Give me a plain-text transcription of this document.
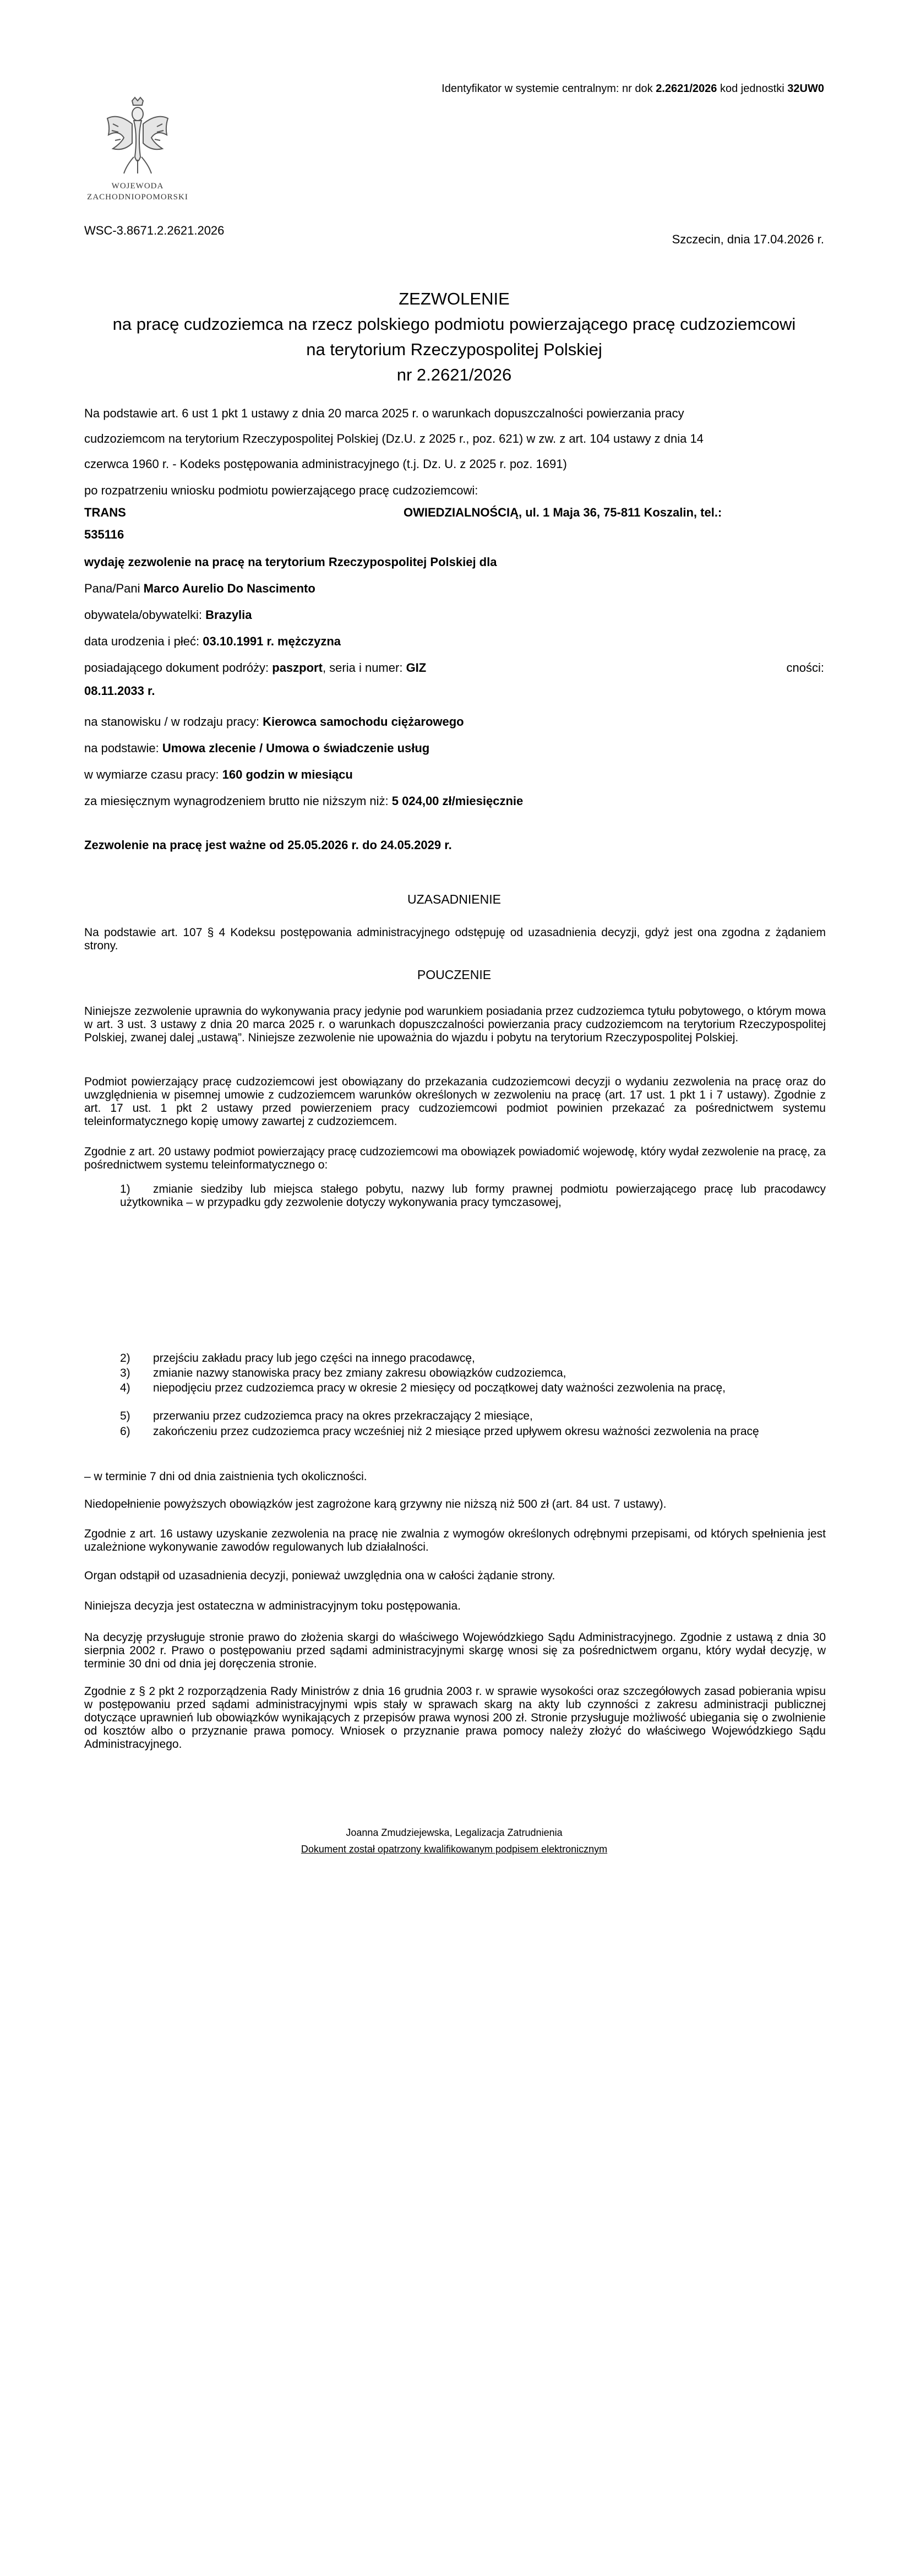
Identyfikator w systemie centralnym: nr dok 2.2621/2026 kod jednostki 32UW0
WOJEWODA
ZACHODNIOPOMORSKI
WSC-3.8671.2.2621.2026
Szczecin, dnia 17.04.2026 r.
ZEZWOLENIE
na pracę cudzoziemca na rzecz polskiego podmiotu powierzającego pracę cudzoziemcowi
na terytorium Rzeczypospolitej Polskiej
nr 2.2621/2026
Na podstawie art. 6 ust 1 pkt 1 ustawy z dnia 20 marca 2025 r. o warunkach dopuszczalności powierzania pracy
cudzoziemcom na terytorium Rzeczypospolitej Polskiej (Dz.U. z 2025 r., poz. 621) w zw. z art. 104 ustawy z dnia 14
czerwca 1960 r. - Kodeks postępowania administracyjnego (t.j. Dz. U. z 2025 r. poz. 1691)
po rozpatrzeniu wniosku podmiotu powierzającego pracę cudzoziemcowi:
TRANS	OWIEDZIALNOŚCIĄ, ul. 1 Maja 36, 75-811 Koszalin, tel.:
535116
wydaję zezwolenie na pracę na terytorium Rzeczypospolitej Polskiej dla
Pana/Pani Marco Aurelio Do Nascimento
obywatela/obywatelki: Brazylia
data urodzenia i płeć: 03.10.1991 r. mężczyzna
posiadającego dokument podróży: paszport, seria i numer: GIZ	cności:
08.11.2033 r.
na stanowisku / w rodzaju pracy: Kierowca samochodu ciężarowego
na podstawie: Umowa zlecenie / Umowa o świadczenie usług
w wymiarze czasu pracy: 160 godzin w miesiącu
za miesięcznym wynagrodzeniem brutto nie niższym niż: 5 024,00 zł/miesięcznie
Zezwolenie na pracę jest ważne od 25.05.2026 r. do 24.05.2029 r.
UZASADNIENIE
Na podstawie art. 107 § 4 Kodeksu postępowania administracyjnego odstępuję od uzasadnienia decyzji, gdyż jest ona zgodna z żądaniem strony.
POUCZENIE
Niniejsze zezwolenie uprawnia do wykonywania pracy jedynie pod warunkiem posiadania przez cudzoziemca tytułu pobytowego, o którym mowa w art. 3 ust. 3 ustawy z dnia 20 marca 2025 r. o warunkach dopuszczalności powierzania pracy cudzoziemcom na terytorium Rzeczypospolitej Polskiej, zwanej dalej „ustawą”. Niniejsze zezwolenie nie upoważnia do wjazdu i pobytu na terytorium Rzeczypospolitej Polskiej.
Podmiot powierzający pracę cudzoziemcowi jest obowiązany do przekazania cudzoziemcowi decyzji o wydaniu zezwolenia na pracę oraz do uwzględnienia w pisemnej umowie z cudzoziemcem warunków określonych w zezwoleniu na pracę (art. 17 ust. 1 pkt 1 i 7 ustawy). Zgodnie z art. 17 ust. 1 pkt 2 ustawy przed powierzeniem pracy cudzoziemcowi podmiot powinien przekazać za pośrednictwem systemu teleinformatycznego kopię umowy zawartej z cudzoziemcem.
Zgodnie z art. 20 ustawy podmiot powierzający pracę cudzoziemcowi ma obowiązek powiadomić wojewodę, który wydał zezwolenie na pracę, za pośrednictwem systemu teleinformatycznego o:
1) zmianie siedziby lub miejsca stałego pobytu, nazwy lub formy prawnej podmiotu powierzającego pracę lub pracodawcy użytkownika – w przypadku gdy zezwolenie dotyczy wykonywania pracy tymczasowej,
2) przejściu zakładu pracy lub jego części na innego pracodawcę,
3) zmianie nazwy stanowiska pracy bez zmiany zakresu obowiązków cudzoziemca,
4) niepodjęciu przez cudzoziemca pracy w okresie 2 miesięcy od początkowej daty ważności zezwolenia na pracę,
5) przerwaniu przez cudzoziemca pracy na okres przekraczający 2 miesiące,
6) zakończeniu przez cudzoziemca pracy wcześniej niż 2 miesiące przed upływem okresu ważności zezwolenia na pracę
– w terminie 7 dni od dnia zaistnienia tych okoliczności.
Niedopełnienie powyższych obowiązków jest zagrożone karą grzywny nie niższą niż 500 zł (art. 84 ust. 7 ustawy).
Zgodnie z art. 16 ustawy uzyskanie zezwolenia na pracę nie zwalnia z wymogów określonych odrębnymi przepisami, od których spełnienia jest uzależnione wykonywanie zawodów regulowanych lub działalności.
Organ odstąpił od uzasadnienia decyzji, ponieważ uwzględnia ona w całości żądanie strony.
Niniejsza decyzja jest ostateczna w administracyjnym toku postępowania.
Na decyzję przysługuje stronie prawo do złożenia skargi do właściwego Wojewódzkiego Sądu Administracyjnego. Zgodnie z ustawą z dnia 30 sierpnia 2002 r. Prawo o postępowaniu przed sądami administracyjnymi skargę wnosi się za pośrednictwem organu, który wydał decyzję, w terminie 30 dni od dnia jej doręczenia stronie.
Zgodnie z § 2 pkt 2 rozporządzenia Rady Ministrów z dnia 16 grudnia 2003 r. w sprawie wysokości oraz szczegółowych zasad pobierania wpisu w postępowaniu przed sądami administracyjnymi wpis stały w sprawach skarg na akty lub czynności z zakresu administracji publicznej dotyczące uprawnień lub obowiązków wynikających z przepisów prawa wynosi 200 zł. Stronie przysługuje możliwość ubiegania się o zwolnienie od kosztów albo o przyznanie prawa pomocy. Wniosek o przyznanie prawa pomocy należy złożyć do właściwego Wojewódzkiego Sądu Administracyjnego.
Joanna Zmudziejewska, Legalizacja Zatrudnienia
Dokument został opatrzony kwalifikowanym podpisem elektronicznym
